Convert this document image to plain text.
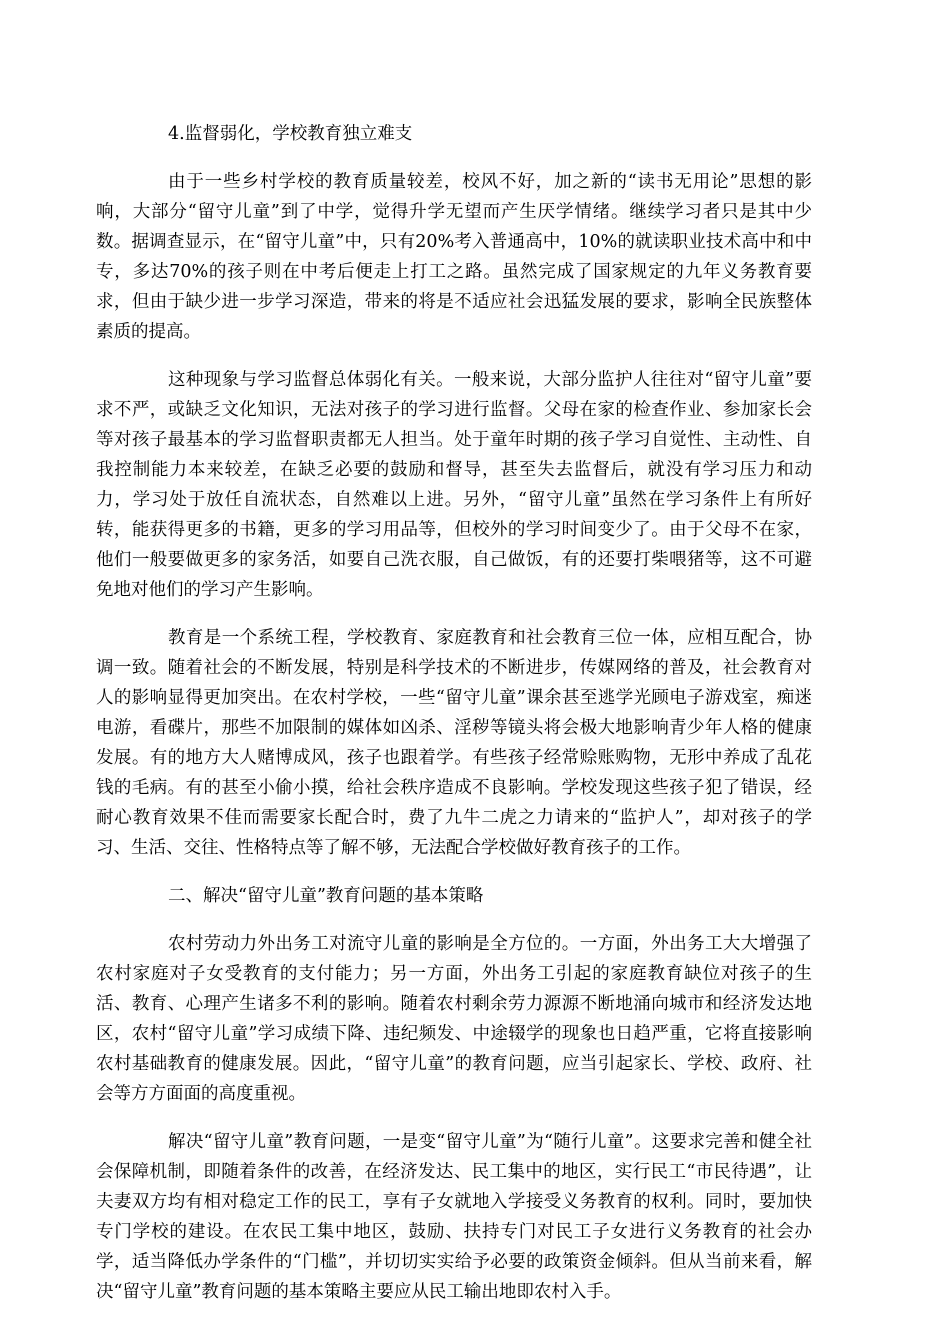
4.监督弱化，学校教育独立难支

由于一些乡村学校的教育质量较差，校风不好，加之新的“读书无用论”思想的影响，大部分“留守儿童”到了中学，觉得升学无望而产生厌学情绪。继续学习者只是其中少数。据调查显示，在“留守儿童”中，只有20%考入普通高中，10%的就读职业技术高中和中专，多达70%的孩子则在中考后便走上打工之路。虽然完成了国家规定的九年义务教育要求，但由于缺少进一步学习深造，带来的将是不适应社会迅猛发展的要求，影响全民族整体素质的提高。

这种现象与学习监督总体弱化有关。一般来说，大部分监护人往往对“留守儿童”要求不严，或缺乏文化知识，无法对孩子的学习进行监督。父母在家的检查作业、参加家长会等对孩子最基本的学习监督职责都无人担当。处于童年时期的孩子学习自觉性、主动性、自我控制能力本来较差，在缺乏必要的鼓励和督导，甚至失去监督后，就没有学习压力和动力，学习处于放任自流状态，自然难以上进。另外，“留守儿童”虽然在学习条件上有所好转，能获得更多的书籍，更多的学习用品等，但校外的学习时间变少了。由于父母不在家，他们一般要做更多的家务活，如要自己洗衣服，自己做饭，有的还要打柴喂猪等，这不可避免地对他们的学习产生影响。

教育是一个系统工程，学校教育、家庭教育和社会教育三位一体，应相互配合，协调一致。随着社会的不断发展，特别是科学技术的不断进步，传媒网络的普及，社会教育对人的影响显得更加突出。在农村学校，一些“留守儿童”课余甚至逃学光顾电子游戏室，痴迷电游，看碟片，那些不加限制的媒体如凶杀、淫秽等镜头将会极大地影响青少年人格的健康发展。有的地方大人赌博成风，孩子也跟着学。有些孩子经常赊账购物，无形中养成了乱花钱的毛病。有的甚至小偷小摸，给社会秩序造成不良影响。学校发现这些孩子犯了错误，经耐心教育效果不佳而需要家长配合时，费了九牛二虎之力请来的“监护人”，却对孩子的学习、生活、交往、性格特点等了解不够，无法配合学校做好教育孩子的工作。

二、解决“留守儿童”教育问题的基本策略

农村劳动力外出务工对流守儿童的影响是全方位的。一方面，外出务工大大增强了农村家庭对子女受教育的支付能力；另一方面，外出务工引起的家庭教育缺位对孩子的生活、教育、心理产生诸多不利的影响。随着农村剩余劳力源源不断地涌向城市和经济发达地区，农村“留守儿童”学习成绩下降、违纪频发、中途辍学的现象也日趋严重，它将直接影响农村基础教育的健康发展。因此，“留守儿童”的教育问题，应当引起家长、学校、政府、社会等方方面面的高度重视。

解决“留守儿童”教育问题，一是变“留守儿童”为“随行儿童”。这要求完善和健全社会保障机制，即随着条件的改善，在经济发达、民工集中的地区，实行民工“市民待遇”，让夫妻双方均有相对稳定工作的民工，享有子女就地入学接受义务教育的权利。同时，要加快专门学校的建设。在农民工集中地区，鼓励、扶持专门对民工子女进行义务教育的社会办学，适当降低办学条件的“门槛”，并切切实实给予必要的政策资金倾斜。但从当前来看，解决“留守儿童”教育问题的基本策略主要应从民工输出地即农村入手。
